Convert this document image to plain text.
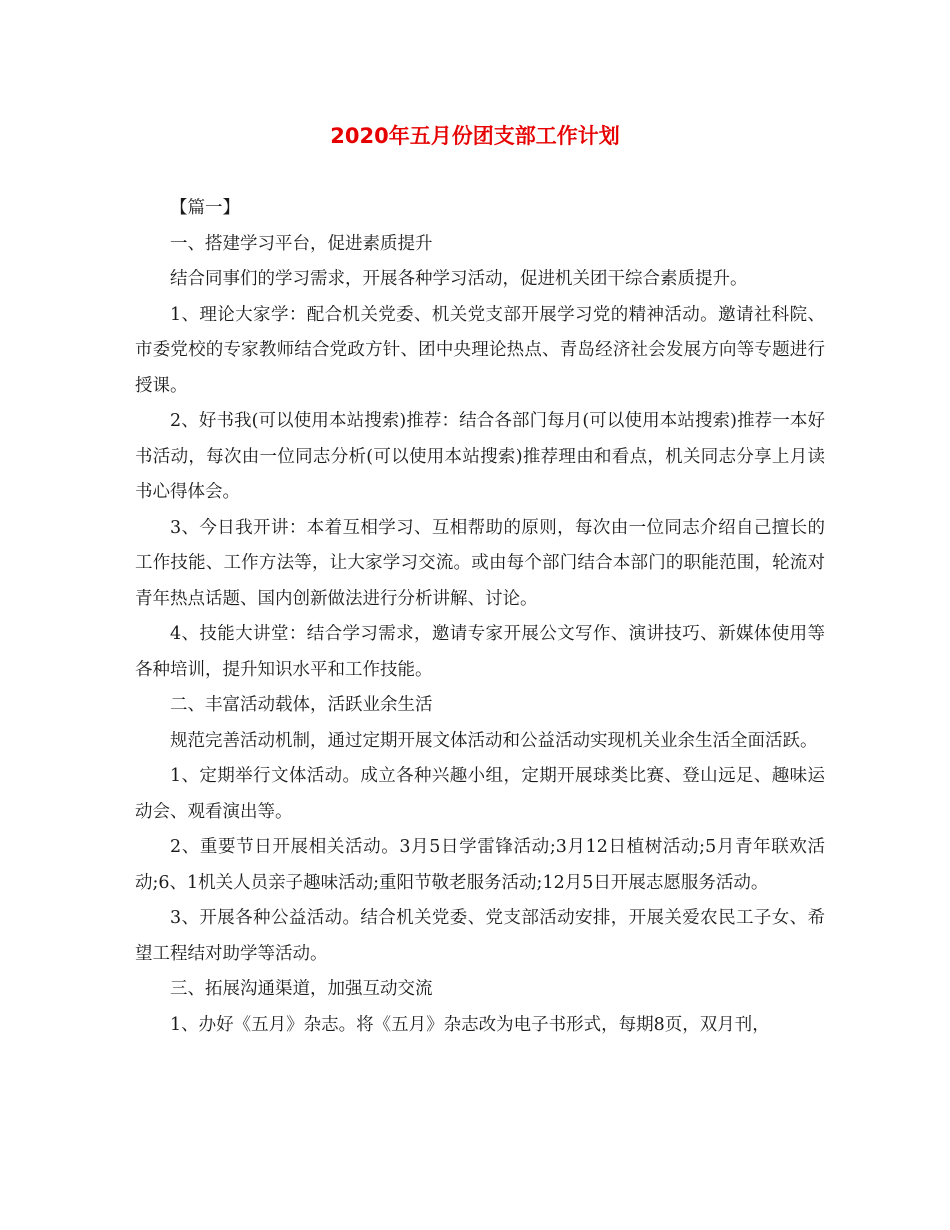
2020年五月份团支部工作计划

【篇一】

一、搭建学习平台，促进素质提升

结合同事们的学习需求，开展各种学习活动，促进机关团干综合素质提升。

1、理论大家学：配合机关党委、机关党支部开展学习党的精神活动。邀请社科院、市委党校的专家教师结合党政方针、团中央理论热点、青岛经济社会发展方向等专题进行授课。

2、好书我(可以使用本站搜索)推荐：结合各部门每月(可以使用本站搜索)推荐一本好书活动，每次由一位同志分析(可以使用本站搜索)推荐理由和看点，机关同志分享上月读书心得体会。

3、今日我开讲：本着互相学习、互相帮助的原则，每次由一位同志介绍自己擅长的工作技能、工作方法等，让大家学习交流。或由每个部门结合本部门的职能范围，轮流对青年热点话题、国内创新做法进行分析讲解、讨论。

4、技能大讲堂：结合学习需求，邀请专家开展公文写作、演讲技巧、新媒体使用等各种培训，提升知识水平和工作技能。

二、丰富活动载体，活跃业余生活

规范完善活动机制，通过定期开展文体活动和公益活动实现机关业余生活全面活跃。

1、定期举行文体活动。成立各种兴趣小组，定期开展球类比赛、登山远足、趣味运动会、观看演出等。

2、重要节日开展相关活动。3月5日学雷锋活动;3月12日植树活动;5月青年联欢活动;6、1机关人员亲子趣味活动;重阳节敬老服务活动;12月5日开展志愿服务活动。

3、开展各种公益活动。结合机关党委、党支部活动安排，开展关爱农民工子女、希望工程结对助学等活动。

三、拓展沟通渠道，加强互动交流

1、办好《五月》杂志。将《五月》杂志改为电子书形式，每期8页，双月刊，
